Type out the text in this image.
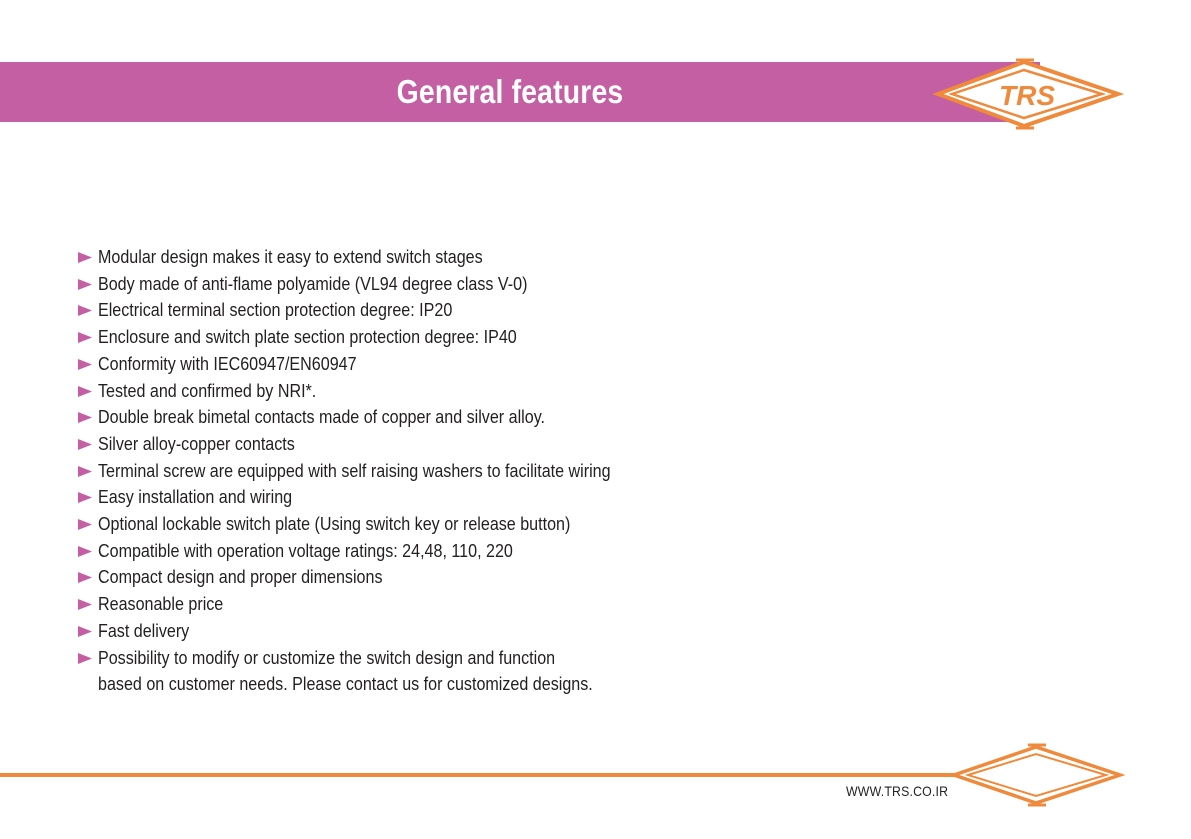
General features	TRS
Modular design makes it easy to extend switch stages
Body made of anti-flame polyamide (VL94 degree class V-0)
Electrical terminal section protection degree: IP20
Enclosure and switch plate section protection degree: IP40
Conformity with IEC60947/EN60947
Tested and confirmed by NRI*.
Double break bimetal contacts made of copper and silver alloy.
Silver alloy-copper contacts
Terminal screw are equipped with self raising washers to facilitate wiring
Easy installation and wiring
Optional lockable switch plate (Using switch key or release button)
Compatible with operation voltage ratings: 24,48, 110, 220
Compact design and proper dimensions
Reasonable price
Fast delivery
Possibility to modify or customize the switch design and function
based on customer needs. Please contact us for customized designs.
WWW.TRS.CO.IR
